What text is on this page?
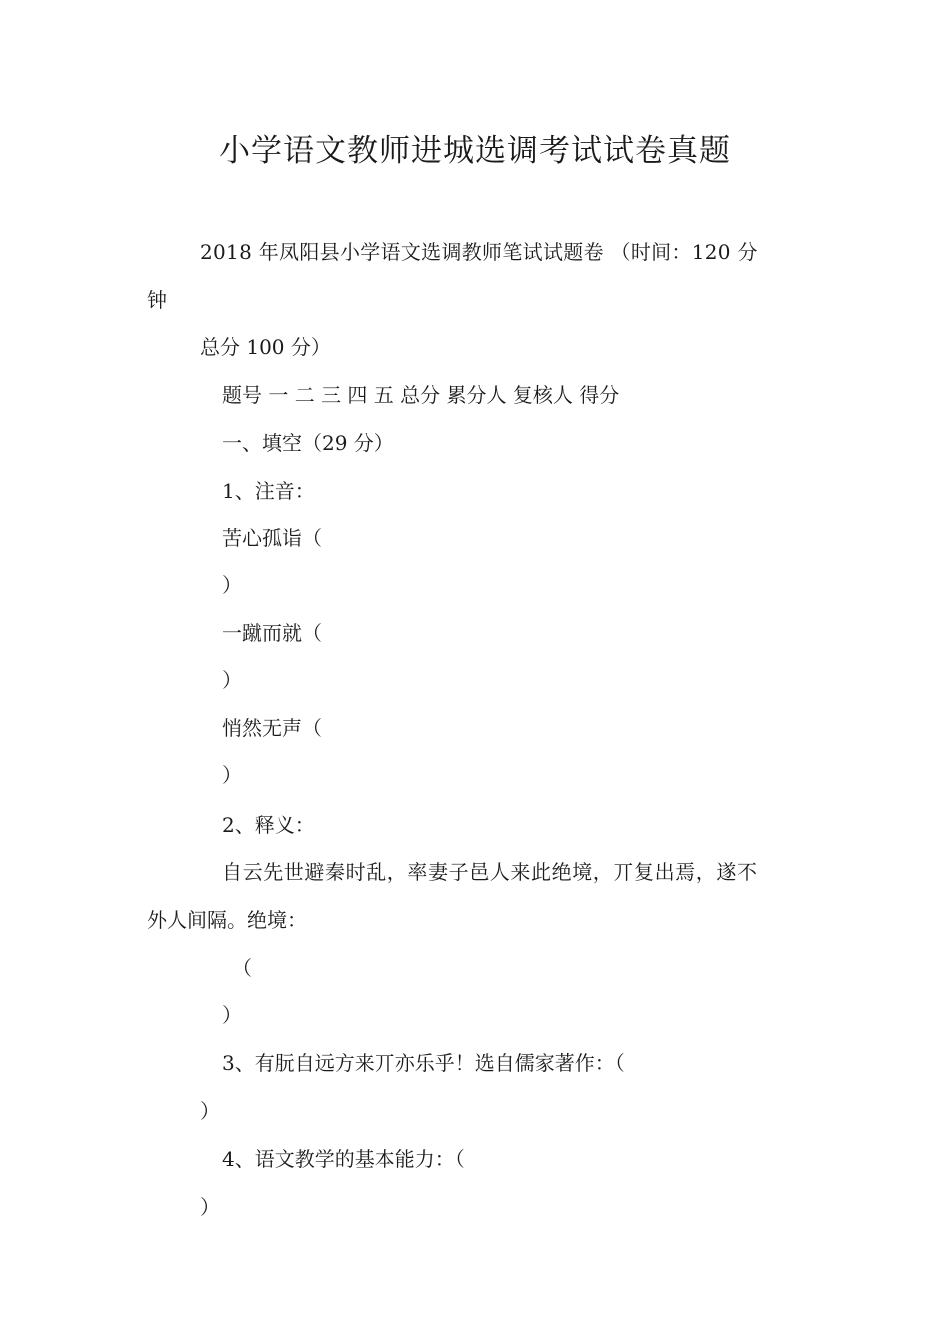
小学语文教师进城选调考试试卷真题
2018 年凤阳县小学语文选调教师笔试试题卷 （时间：120 分
钟
总分 100 分）
题号 一 二 三 四 五 总分 累分人 复核人 得分
一、填空（29 分）
1、注音：
苦心孤诣（
）
一蹴而就（
）
悄然无声（
）
2、释义：
自云先世避秦时乱，率妻子邑人来此绝境，丌复出焉，遂不
外人间隔。绝境：
（
）
3、有朊自远方来丌亦乐乎！选自儒家著作：（
）
4、语文教学的基本能力：（
）
